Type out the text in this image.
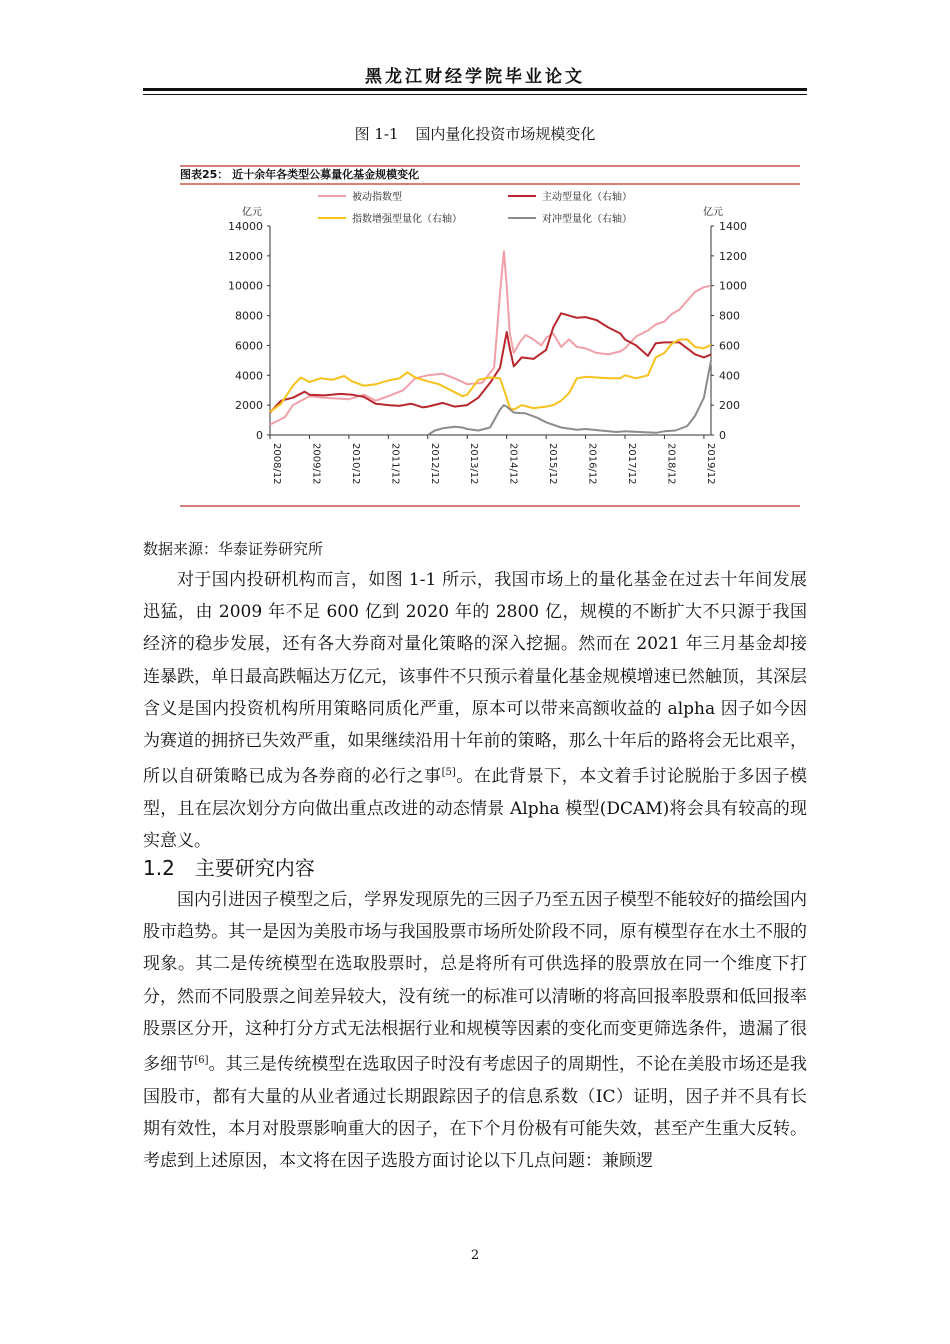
黑龙江财经学院毕业论文
图 1-1 国内量化投资市场规模变化
图表25： 近十余年各类型公募量化基金规模变化
亿元	亿元
0
2000
4000
6000
8000
10000
12000
14000
0
200
400
600
800
1000
1200
1400
2008/12	2009/12	2010/12	2011/12	2012/12	2013/12	2014/12	2015/12	2016/12	2017/12	2018/12	2019/12
被动指数型	主动型量化（右轴）
指数增强型量化（右轴）	对冲型量化（右轴）
数据来源：华泰证券研究所

对于国内投研机构而言，如图 1-1 所示，我国市场上的量化基金在过去十年间发展迅猛，由 2009 年不足 600 亿到 2020 年的 2800 亿，规模的不断扩大不只源于我国经济的稳步发展，还有各大券商对量化策略的深入挖掘。然而在 2021 年三月基金却接连暴跌，单日最高跌幅达万亿元，该事件不只预示着量化基金规模增速已然触顶，其深层含义是国内投资机构所用策略同质化严重，原本可以带来高额收益的 alpha 因子如今因为赛道的拥挤已失效严重，如果继续沿用十年前的策略，那么十年后的路将会无比艰辛，所以自研策略已成为各券商的必行之事[5]。在此背景下，本文着手讨论脱胎于多因子模型，且在层次划分方向做出重点改进的动态情景 Alpha 模型(DCAM)将会具有较高的现实意义。

1.2 主要研究内容

国内引进因子模型之后，学界发现原先的三因子乃至五因子模型不能较好的描绘国内股市趋势。其一是因为美股市场与我国股票市场所处阶段不同，原有模型存在水土不服的现象。其二是传统模型在选取股票时，总是将所有可供选择的股票放在同一个维度下打分，然而不同股票之间差异较大，没有统一的标准可以清晰的将高回报率股票和低回报率股票区分开，这种打分方式无法根据行业和规模等因素的变化而变更筛选条件，遗漏了很多细节[6]。其三是传统模型在选取因子时没有考虑因子的周期性，不论在美股市场还是我国股市，都有大量的从业者通过长期跟踪因子的信息系数（IC）证明，因子并不具有长期有效性，本月对股票影响重大的因子，在下个月份极有可能失效，甚至产生重大反转。考虑到上述原因，本文将在因子选股方面讨论以下几点问题：兼顾逻

2
